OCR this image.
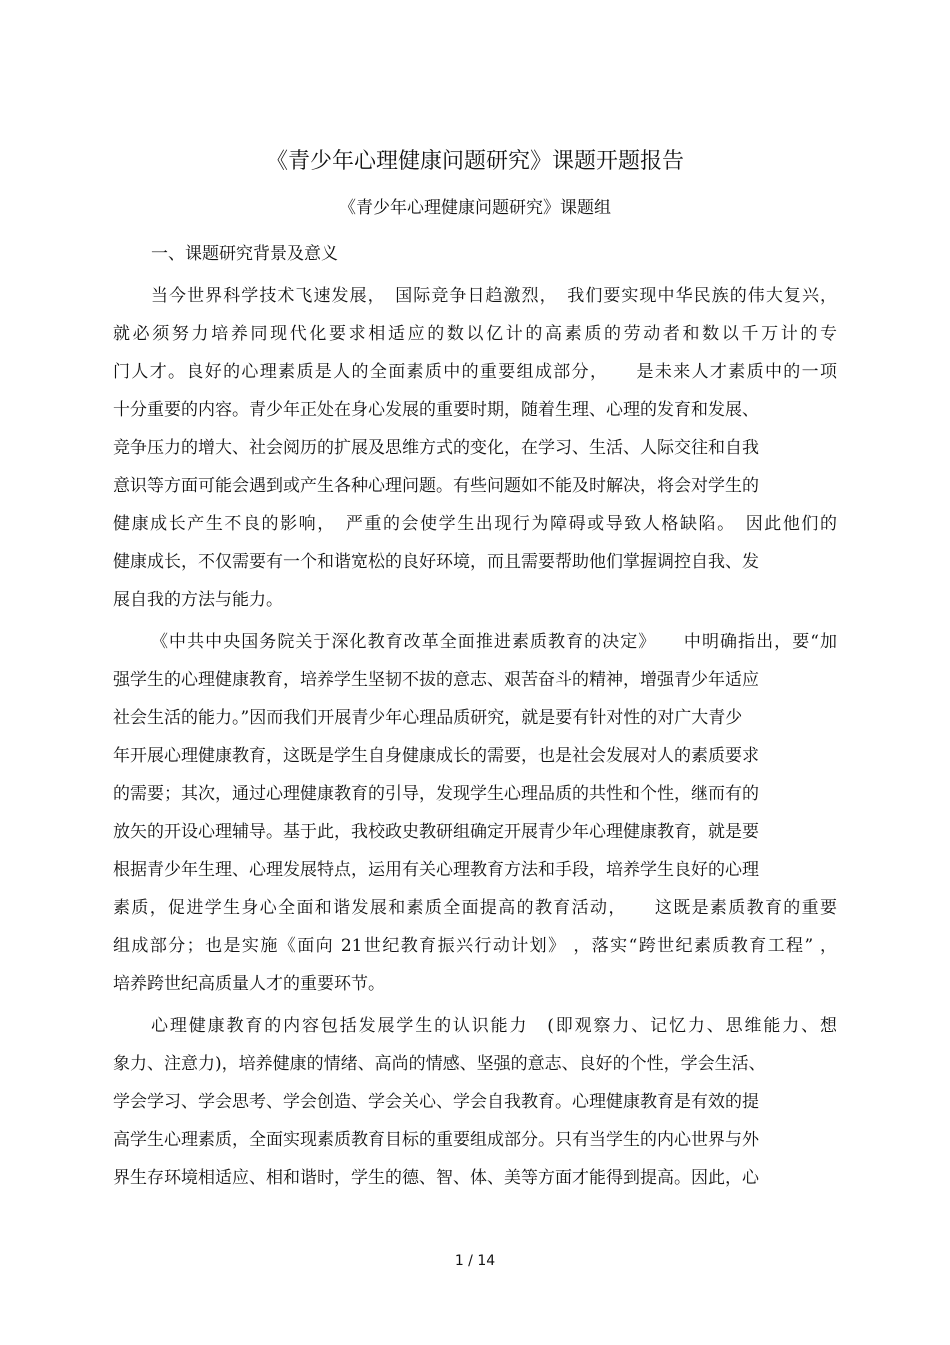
《青少年心理健康问题研究》课题开题报告
《青少年心理健康问题研究》课题组
一、课题研究背景及意义
当今世界科学技术飞速发展，　国际竞争日趋激烈，　我们要实现中华民族的伟大复兴，
就必须努力培养同现代化要求相适应的数以亿计的高素质的劳动者和数以千万计的专
门人才。良好的心理素质是人的全面素质中的重要组成部分，　　是未来人才素质中的一项
十分重要的内容。青少年正处在身心发展的重要时期，随着生理、心理的发育和发展、
竞争压力的增大、社会阅历的扩展及思维方式的变化，在学习、生活、人际交往和自我
意识等方面可能会遇到或产生各种心理问题。有些问题如不能及时解决，将会对学生的
健康成长产生不良的影响，　严重的会使学生出现行为障碍或导致人格缺陷。　因此他们的
健康成长，不仅需要有一个和谐宽松的良好环境，而且需要帮助他们掌握调控自我、发
展自我的方法与能力。
《中共中央国务院关于深化教育改革全面推进素质教育的决定》　　中明确指出，要“加
强学生的心理健康教育，培养学生坚韧不拔的意志、艰苦奋斗的精神，增强青少年适应
社会生活的能力。”因而我们开展青少年心理品质研究，就是要有针对性的对广大青少
年开展心理健康教育，这既是学生自身健康成长的需要，也是社会发展对人的素质要求
的需要；其次，通过心理健康教育的引导，发现学生心理品质的共性和个性，继而有的
放矢的开设心理辅导。基于此，我校政史教研组确定开展青少年心理健康教育，就是要
根据青少年生理、心理发展特点，运用有关心理教育方法和手段，培养学生良好的心理
素质，促进学生身心全面和谐发展和素质全面提高的教育活动，　　这既是素质教育的重要
组成部分；也是实施《面向 21世纪教育振兴行动计划》 ，落实“跨世纪素质教育工程” ，
培养跨世纪高质量人才的重要环节。
心理健康教育的内容包括发展学生的认识能力　(即观察力、记忆力、思维能力、想
象力、注意力)，培养健康的情绪、高尚的情感、坚强的意志、良好的个性，学会生活、
学会学习、学会思考、学会创造、学会关心、学会自我教育。心理健康教育是有效的提
高学生心理素质，全面实现素质教育目标的重要组成部分。只有当学生的内心世界与外
界生存环境相适应、相和谐时，学生的德、智、体、美等方面才能得到提高。因此，心
1 / 14
